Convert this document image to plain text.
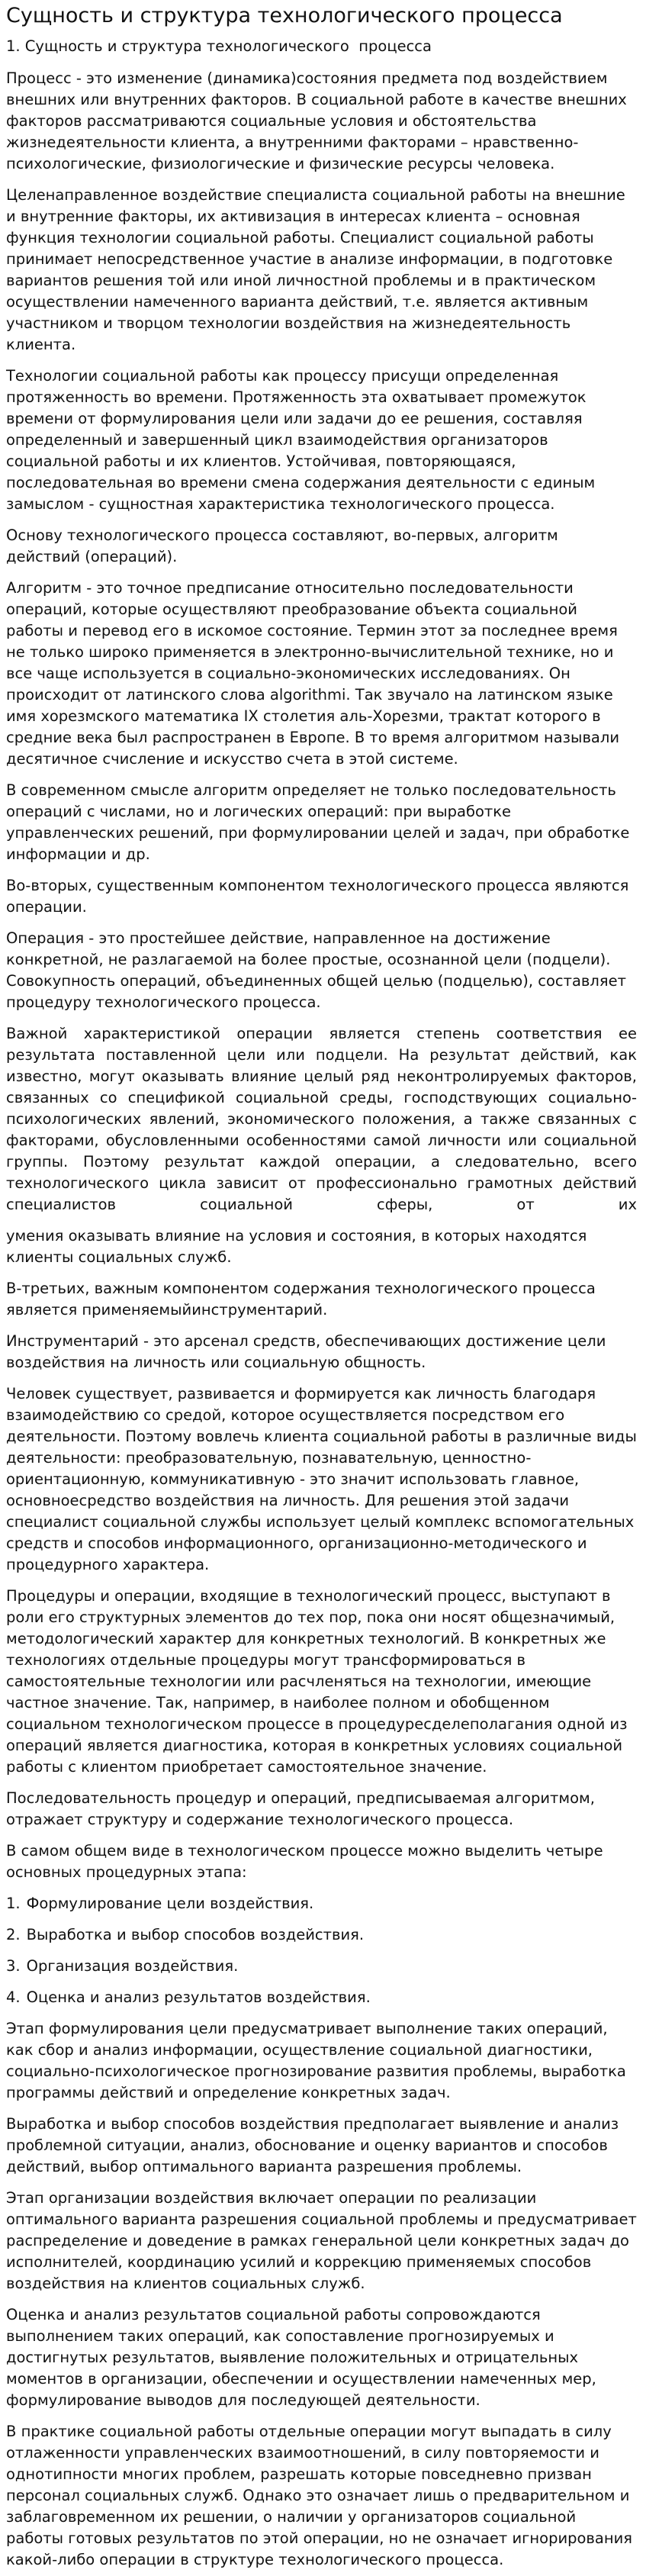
Сущность и структура технологического процесса
1. Сущность и структура технологического  процесса

Процесс - это изменение (динамика)состояния предмета под воздействием внешних или внутренних факторов. В социальной работе в качестве внешних факторов рассматриваются социальные условия и обстоятельства жизнедеятельности клиента, а внутренними факторами – нравственно-психологические, физиологические и физические ресурсы человека.

Целенаправленное воздействие специалиста социальной работы на внешние и внутренние факторы, их активизация в интересах клиента – основная функция технологии социальной работы. Специалист социальной работы принимает непосредственное участие в анализе информации, в подготовке вариантов решения той или иной личностной проблемы и в практическом осуществлении намеченного варианта действий, т.е. является активным участником и творцом технологии воздействия на жизнедеятельность клиента.

Технологии социальной работы как процессу присущи определенная протяженность во времени. Протяженность эта охватывает промежуток времени от формулирования цели или задачи до ее решения, составляя определенный и завершенный цикл взаимодействия организаторов социальной работы и их клиентов. Устойчивая, повторяющаяся, последовательная во времени смена содержания деятельности с единым замыслом - сущностная характеристика технологического процесса.

Основу технологического процесса составляют, во-первых, алгоритм действий (операций).

Алгоритм - это точное предписание относительно последовательности операций, которые осуществляют преобразование объекта социальной работы и перевод его в искомое состояние. Термин этот за последнее время не только широко применяется в электронно-вычислительной технике, но и все чаще используется в социально-экономических исследованиях. Он происходит от латинского слова algorithmi. Так звучало на латинском языке имя хорезмского математика IX столетия аль-Хорезми, трактат которого в средние века был распространен в Европе. В то время алгоритмом называли десятичное счисление и искусство счета в этой системе.

В современном смысле алгоритм определяет не только последовательность операций с числами, но и логических операций: при выработке управленческих решений, при формулировании целей и задач, при обработке информации и др.

Во-вторых, существенным компонентом технологического процесса являются операции.

Операция - это простейшее действие, направленное на достижение конкретной, не разлагаемой на более простые, осознанной цели (подцели). Совокупность операций, объединенных общей целью (подцелью), составляет процедуру технологического процесса.

Важной характеристикой операции является степень соответствия ее результата поставленной цели или подцели. На результат действий, как известно, могут оказывать влияние целый ряд неконтролируемых факторов, связанных со спецификой социальной среды, господствующих социально-психологических явлений, экономического положения, а также связанных с факторами, обусловленными особенностями самой личности или социальной группы. Поэтому результат каждой операции, а следовательно, всего технологического цикла зависит от профессионально грамотных действий специалистов социальной сферы, от их

умения оказывать влияние на условия и состояния, в которых находятся клиенты социальных служб.

В-третьих, важным компонентом содержания технологического процесса является применяемыйинструментарий.

Инструментарий - это арсенал средств, обеспечивающих достижение цели воздействия на личность или социальную общность.

Человек существует, развивается и формируется как личность благодаря взаимодействию со средой, которое осуществляется посредством его деятельности. Поэтому вовлечь клиента социальной работы в различные виды деятельности: преобразовательную, познавательную, ценностно-ориентационную, коммуникативную - это значит использовать главное, основноесредство воздействия на личность. Для решения этой задачи специалист социальной службы использует целый комплекс вспомогательных средств и способов информационного, организационно-методического и процедурного характера.

Процедуры и операции, входящие в технологический процесс, выступают в роли его структурных элементов до тех пор, пока они носят общезначимый, методологический характер для конкретных технологий. В конкретных же технологиях отдельные процедуры могут трансформироваться в самостоятельные технологии или расчленяться на технологии, имеющие частное значение. Так, например, в наиболее полном и обобщенном социальном технологическом процессе в процедуресделеполагания одной из операций является диагностика, которая в конкретных условиях социальной работы с клиентом приобретает самостоятельное значение.

Последовательность процедур и операций, предписываемая алгоритмом, отражает структуру и содержание технологического процесса.

В самом общем виде в технологическом процессе можно выделить четыре основных процедурных этапа:

1. Формулирование цели воздействия.
2. Выработка и выбор способов воздействия.
3. Организация воздействия.
4. Оценка и анализ результатов воздействия.

Этап формулирования цели предусматривает выполнение таких операций, как сбор и анализ информации, осуществление социальной диагностики, социально-психологическое прогнозирование развития проблемы, выработка программы действий и определение конкретных задач.

Выработка и выбор способов воздействия предполагает выявление и анализ проблемной ситуации, анализ, обоснование и оценку вариантов и способов действий, выбор оптимального варианта разрешения проблемы.

Этап организации воздействия включает операции по реализации оптимального варианта разрешения социальной проблемы и предусматривает распределение и доведение в рамках генеральной цели конкретных задач до исполнителей, координацию усилий и коррекцию применяемых способов воздействия на клиентов социальных служб.

Оценка и анализ результатов социальной работы сопровождаются выполнением таких операций, как сопоставление прогнозируемых и достигнутых результатов, выявление положительных и отрицательных моментов в организации, обеспечении и осуществлении намеченных мер, формулирование выводов для последующей деятельности.

В практике социальной работы отдельные операции могут выпадать в силу отлаженности управленческих взаимоотношений, в силу повторяемости и однотипности многих проблем, разрешать которые повседневно призван персонал социальных служб. Однако это означает лишь о предварительном и заблаговременном их решении, о наличии у организаторов социальной работы готовых результатов по этой операции, но не означает игнорирования какой-либо операции в структуре технологического процесса.
